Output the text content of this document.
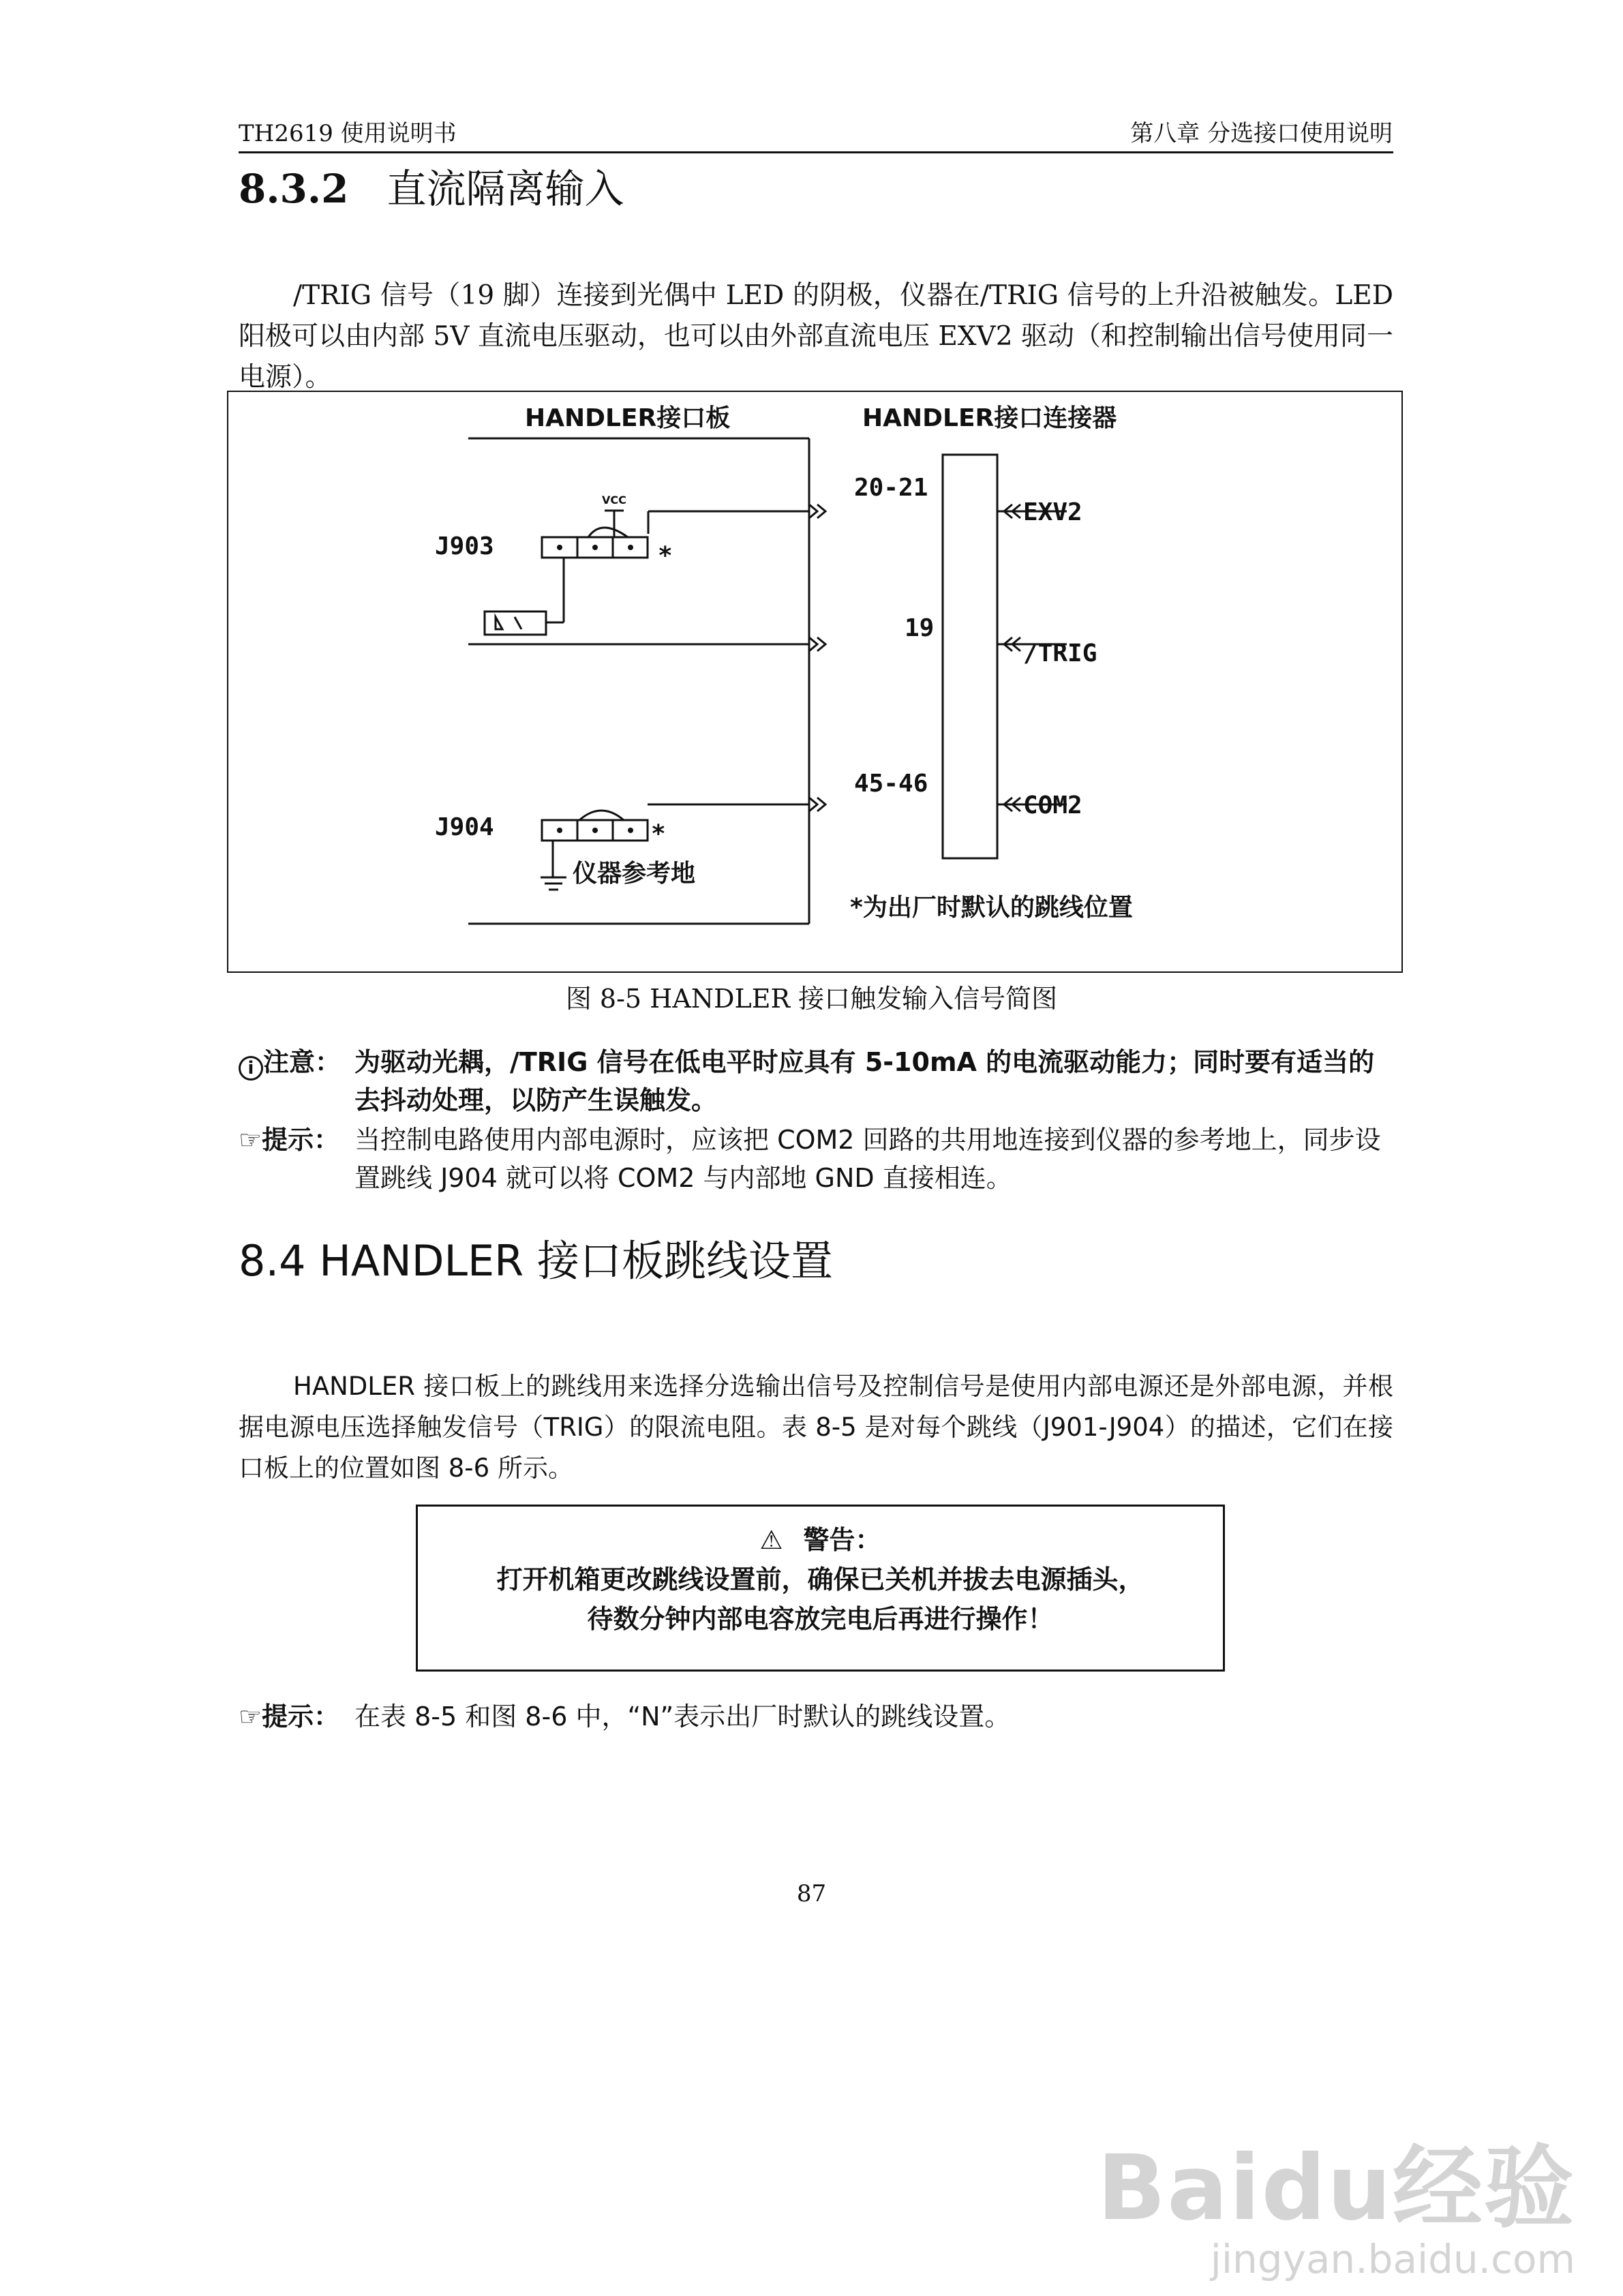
TH2619 使用说明书	第八章 分选接口使用说明
8.3.2 直流隔离输入

/TRIG 信号（19 脚）连接到光偶中 LED 的阴极，仪器在/TRIG 信号的上升沿被触发。LED 阳极可以由内部 5V 直流电压驱动，也可以由外部直流电压 EXV2 驱动（和控制输出信号使用同一电源）。

HANDLER接口板	HANDLER接口连接器
VCC
J903	*
J904	*
20-21
19
45-46
EXV2
/TRIG
COM2
仪器参考地
*为出厂时默认的跳线位置
图 8-5 HANDLER 接口触发输入信号简图
i 注意： 为驱动光耦，/TRIG 信号在低电平时应具有 5-10mA 的电流驱动能力；同时要有适当的去抖动处理，以防产生误触发。
☞提示： 当控制电路使用内部电源时，应该把 COM2 回路的共用地连接到仪器的参考地上，同步设置跳线 J904 就可以将 COM2 与内部地 GND 直接相连。
8.4 HANDLER 接口板跳线设置

HANDLER 接口板上的跳线用来选择分选输出信号及控制信号是使用内部电源还是外部电源，并根据电源电压选择触发信号（TRIG）的限流电阻。表 8-5 是对每个跳线（J901-J904）的描述，它们在接口板上的位置如图 8-6 所示。

⚠ 警告：
打开机箱更改跳线设置前，确保已关机并拔去电源插头，
待数分钟内部电容放完电后再进行操作！
☞提示： 在表 8-5 和图 8-6 中，“N”表示出厂时默认的跳线设置。
87
Baidu经验
jingyan.baidu.com
